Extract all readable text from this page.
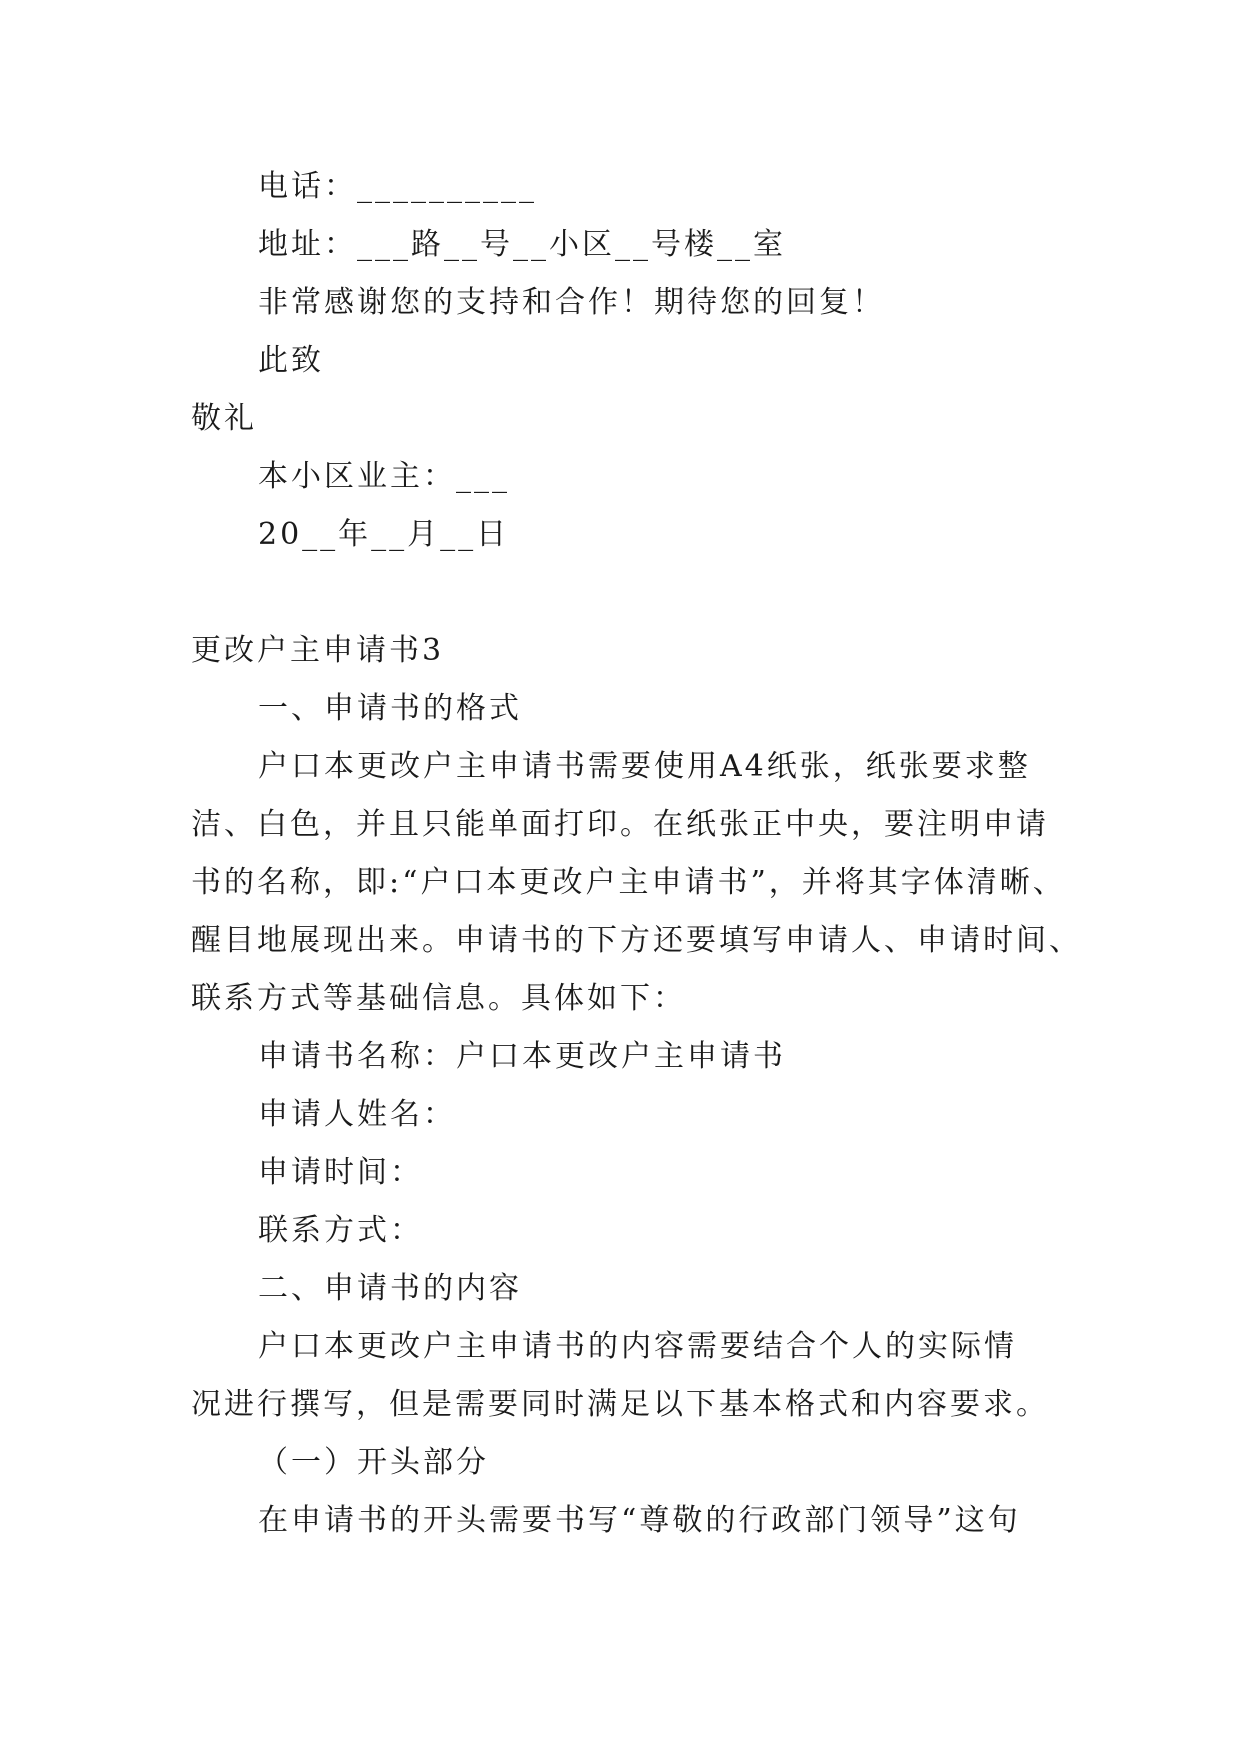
电话：__________
地址：___路__号__小区__号楼__室
非常感谢您的支持和合作！期待您的回复！
此致
敬礼
本小区业主：___
20__年__月__日
更改户主申请书3
一、申请书的格式
户口本更改户主申请书需要使用A4纸张，纸张要求整
洁、白色，并且只能单面打印。在纸张正中央，要注明申请
书的名称，即:“户口本更改户主申请书”，并将其字体清晰、
醒目地展现出来。申请书的下方还要填写申请人、申请时间、
联系方式等基础信息。具体如下：
申请书名称：户口本更改户主申请书
申请人姓名：
申请时间：
联系方式：
二、申请书的内容
户口本更改户主申请书的内容需要结合个人的实际情
况进行撰写，但是需要同时满足以下基本格式和内容要求。
（一）开头部分
在申请书的开头需要书写“尊敬的行政部门领导”这句
